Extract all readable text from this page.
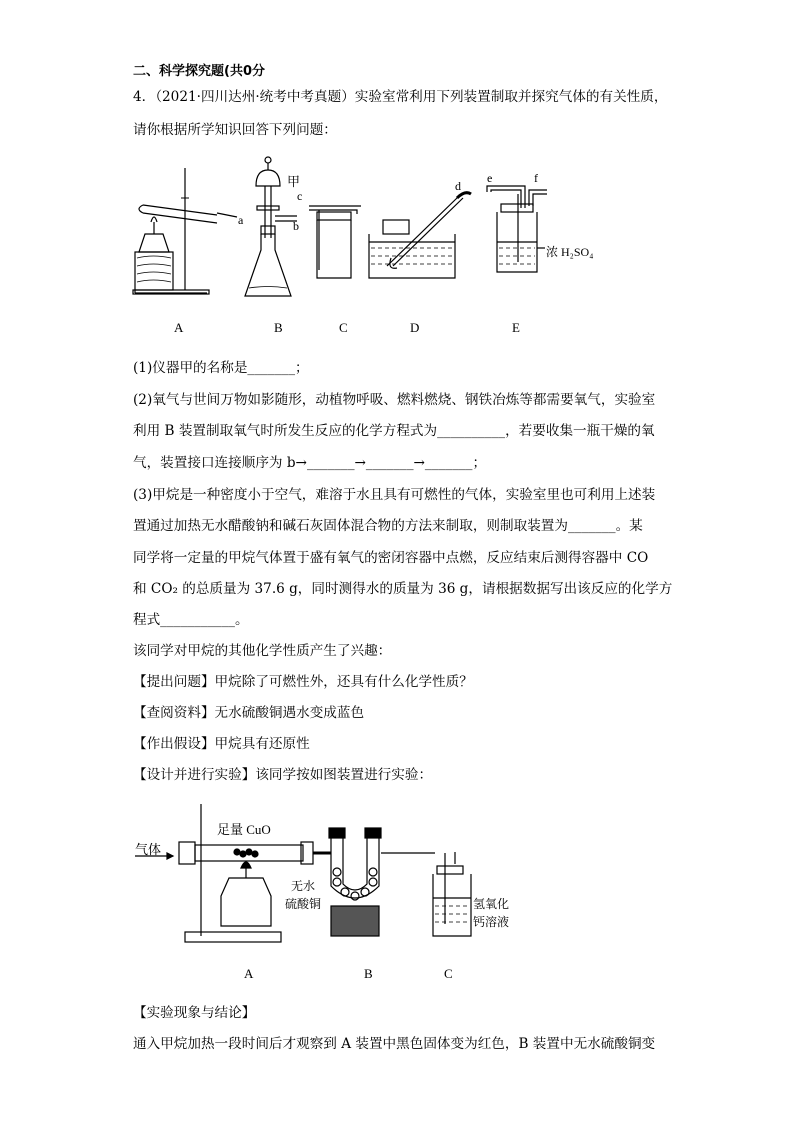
二、科学探究题(共0分
4．（2021·四川达州·统考中考真题）实验室常利用下列装置制取并探究气体的有关性质，
请你根据所学知识回答下列问题：
a
甲
b
c
d
e	f
浓 H₂SO₄
A	B	C	D	E
(1)仪器甲的名称是_______；
(2)氧气与世间万物如影随形，动植物呼吸、燃料燃烧、钢铁冶炼等都需要氧气，实验室
利用 B 装置制取氧气时所发生反应的化学方程式为__________，若要收集一瓶干燥的氧
气，装置接口连接顺序为 b→_______→_______→_______；
(3)甲烷是一种密度小于空气，难溶于水且具有可燃性的气体，实验室里也可利用上述装
置通过加热无水醋酸钠和碱石灰固体混合物的方法来制取，则制取装置为_______。某
同学将一定量的甲烷气体置于盛有氧气的密闭容器中点燃，反应结束后测得容器中 CO
和 CO₂ 的总质量为 37.6 g，同时测得水的质量为 36 g，请根据数据写出该反应的化学方
程式___________。
该同学对甲烷的其他化学性质产生了兴趣：
【提出问题】甲烷除了可燃性外，还具有什么化学性质？
【查阅资料】无水硫酸铜遇水变成蓝色
【作出假设】甲烷具有还原性
【设计并进行实验】该同学按如图装置进行实验：
气体
足量 CuO
无水
硫酸铜	氢氧化
钙溶液
A	B	C
【实验现象与结论】
通入甲烷加热一段时间后才观察到 A 装置中黑色固体变为红色，B 装置中无水硫酸铜变
